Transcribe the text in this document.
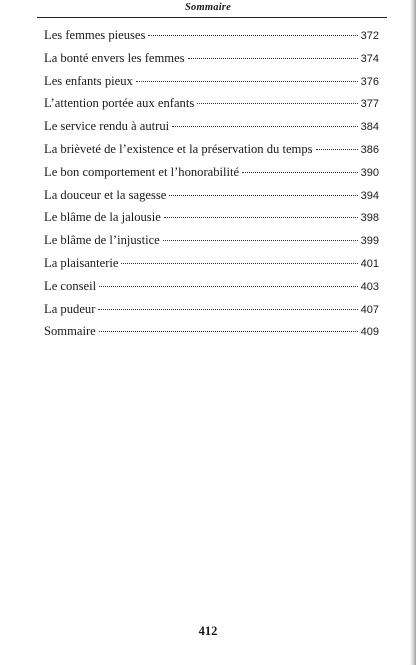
Sommaire
Les femmes pieuses	372
La bonté envers les femmes	374
Les enfants pieux	376
L’attention portée aux enfants	377
Le service rendu à autrui	384
La brièveté de l’existence et la préservation du temps	386
Le bon comportement et l’honorabilité	390
La douceur et la sagesse	394
Le blâme de la jalousie	398
Le blâme de l’injustice	399
La plaisanterie	401
Le conseil	403
La pudeur	407
Sommaire	409
412
